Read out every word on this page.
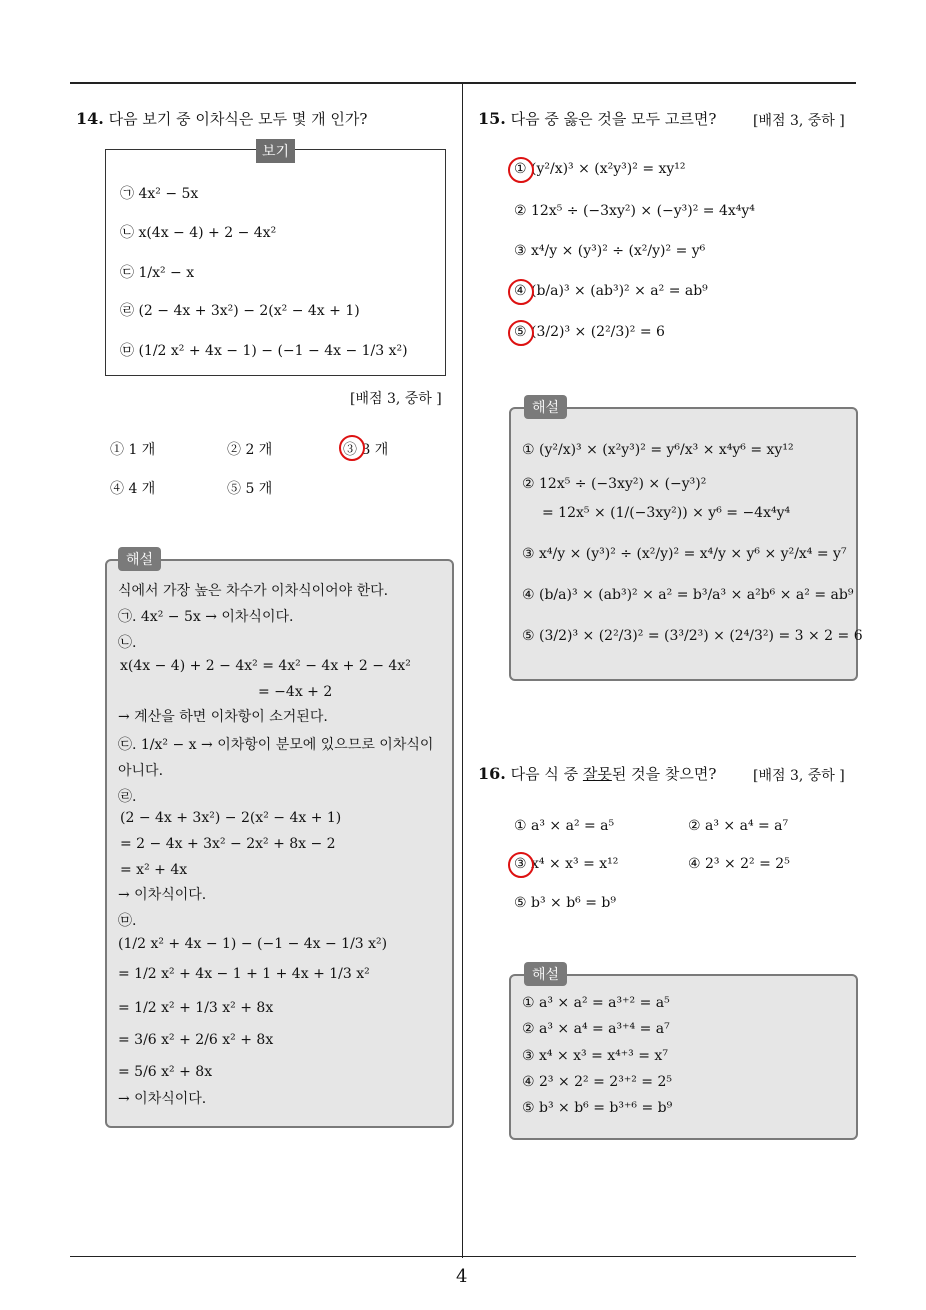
4
14. 다음 보기 중 이차식은 모두 몇 개 인가?
보기
㉠ 4x² − 5x
㉡ x(4x − 4) + 2 − 4x²
㉢ 1/x² − x
㉣ (2 − 4x + 3x²) − 2(x² − 4x + 1)
㉤ (1/2 x² + 4x − 1) − (−1 − 4x − 1/3 x²)
[배점 3, 중하 ]
① 1 개	② 2 개	③ 3 개
④ 4 개	⑤ 5 개
해설
식에서 가장 높은 차수가 이차식이어야 한다.
㉠. 4x² − 5x → 이차식이다.
㉡.
x(4x − 4) + 2 − 4x² = 4x² − 4x + 2 − 4x²
= −4x + 2
→ 계산을 하면 이차항이 소거된다.
㉢. 1/x² − x → 이차항이 분모에 있으므로 이차식이
아니다.
㉣.
(2 − 4x + 3x²) − 2(x² − 4x + 1)
= 2 − 4x + 3x² − 2x² + 8x − 2
= x² + 4x
→ 이차식이다.
㉤.
(1/2 x² + 4x − 1) − (−1 − 4x − 1/3 x²)
= 1/2 x² + 4x − 1 + 1 + 4x + 1/3 x²
= 1/2 x² + 1/3 x² + 8x
= 3/6 x² + 2/6 x² + 8x
= 5/6 x² + 8x
→ 이차식이다.
15. 다음 중 옳은 것을 모두 고르면?	[배점 3, 중하 ]
① (y²/x)³ × (x²y³)² = xy¹²
② 12x⁵ ÷ (−3xy²) × (−y³)² = 4x⁴y⁴
③ x⁴/y × (y³)² ÷ (x²/y)² = y⁶
④ (b/a)³ × (ab³)² × a² = ab⁹
⑤ (3/2)³ × (2²/3)² = 6
해설
① (y²/x)³ × (x²y³)² = y⁶/x³ × x⁴y⁶ = xy¹²
② 12x⁵ ÷ (−3xy²) × (−y³)²
= 12x⁵ × (1/(−3xy²)) × y⁶ = −4x⁴y⁴
③ x⁴/y × (y³)² ÷ (x²/y)² = x⁴/y × y⁶ × y²/x⁴ = y⁷
④ (b/a)³ × (ab³)² × a² = b³/a³ × a²b⁶ × a² = ab⁹
⑤ (3/2)³ × (2²/3)² = (3³/2³) × (2⁴/3²) = 3 × 2 = 6
16. 다음 식 중 잘못된 것을 찾으면?	[배점 3, 중하 ]
① a³ × a² = a⁵	② a³ × a⁴ = a⁷
③ x⁴ × x³ = x¹²	④ 2³ × 2² = 2⁵
⑤ b³ × b⁶ = b⁹
해설
① a³ × a² = a³⁺² = a⁵
② a³ × a⁴ = a³⁺⁴ = a⁷
③ x⁴ × x³ = x⁴⁺³ = x⁷
④ 2³ × 2² = 2³⁺² = 2⁵
⑤ b³ × b⁶ = b³⁺⁶ = b⁹
